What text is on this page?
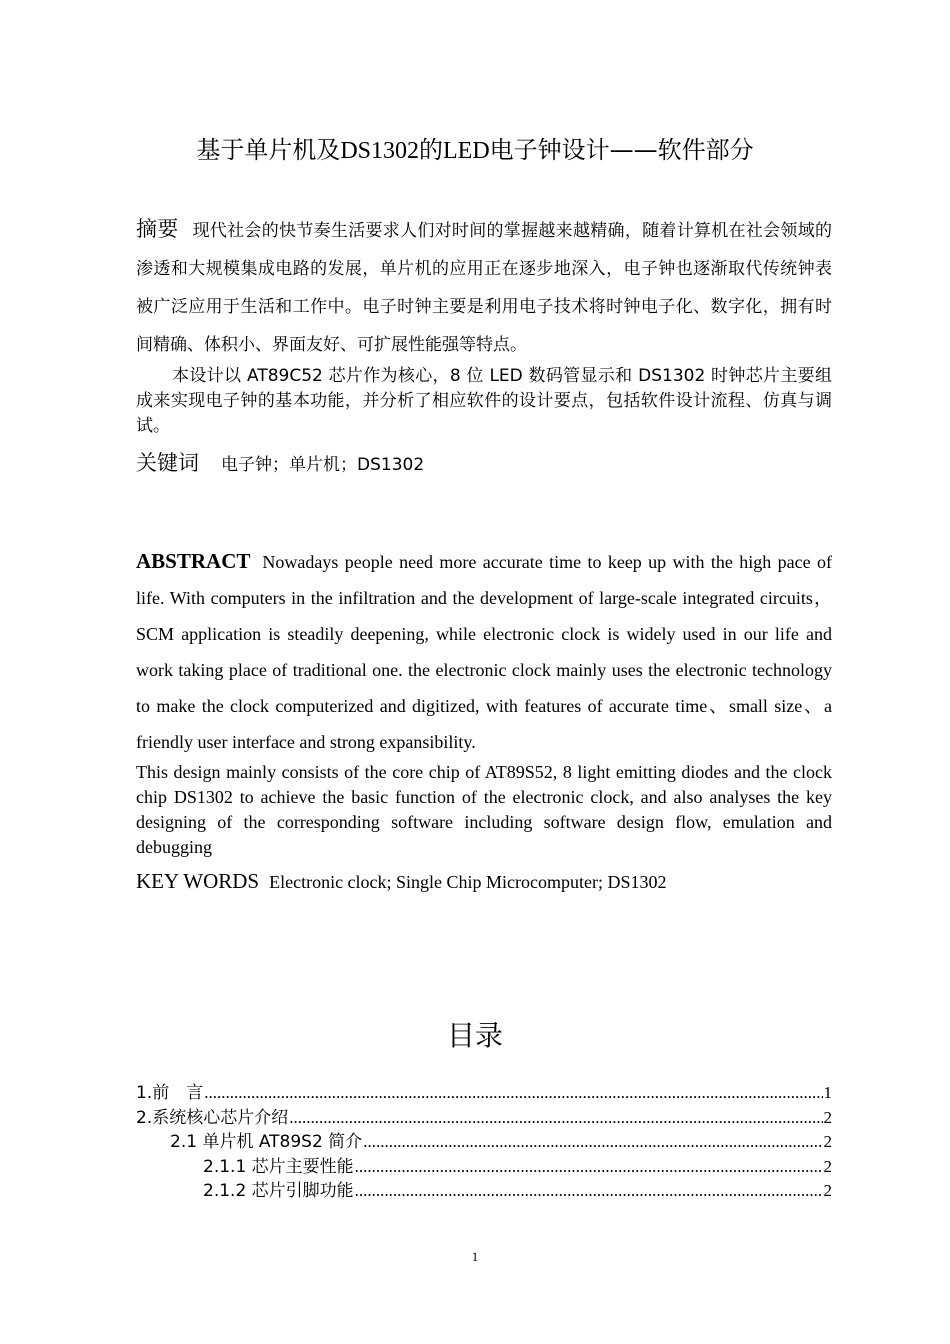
基于单片机及DS1302的LED电子钟设计——软件部分

摘要 现代社会的快节奏生活要求人们对时间的掌握越来越精确，随着计算机在社会领域的渗透和大规模集成电路的发展，单片机的应用正在逐步地深入，电子钟也逐渐取代传统钟表被广泛应用于生活和工作中。电子时钟主要是利用电子技术将时钟电子化、数字化，拥有时间精确、体积小、界面友好、可扩展性能强等特点。

本设计以 AT89C52 芯片作为核心，8 位 LED 数码管显示和 DS1302 时钟芯片主要组成来实现电子钟的基本功能，并分析了相应软件的设计要点，包括软件设计流程、仿真与调试。

关键词 电子钟；单片机；DS1302

ABSTRACT Nowadays people need more accurate time to keep up with the high pace of life. With computers in the infiltration and the development of large-scale integrated circuits，SCM application is steadily deepening, while electronic clock is widely used in our life and work taking place of traditional one. the electronic clock mainly uses the electronic technology to make the clock computerized and digitized, with features of accurate time、small size、a friendly user interface and strong expansibility.

This design mainly consists of the core chip of AT89S52, 8 light emitting diodes and the clock chip DS1302 to achieve the basic function of the electronic clock, and also analyses the key designing of the corresponding software including software design flow, emulation and debugging

KEY WORDS Electronic clock; Single Chip Microcomputer; DS1302
目录
1.前　言 .....	1
2.系统核心芯片介绍 .....	2
2.1 单片机 AT89S2 简介 .....	2
2.1.1 芯片主要性能 .....	2
2.1.2 芯片引脚功能 .....	2
1
